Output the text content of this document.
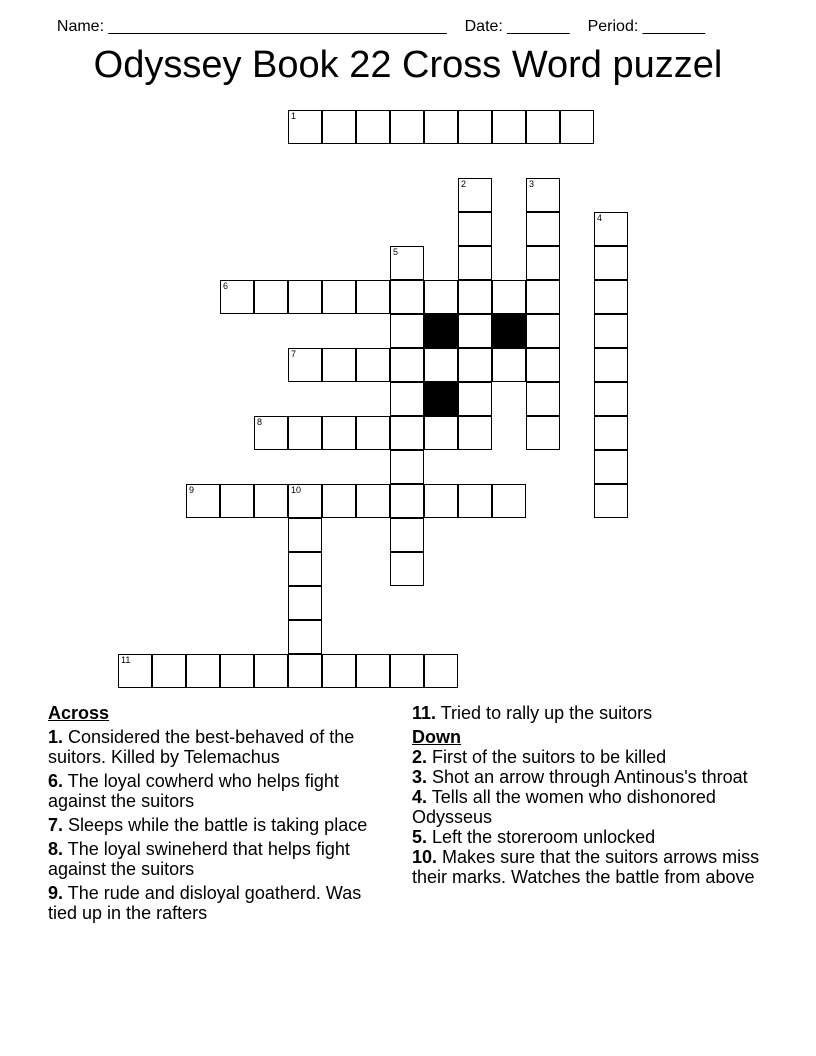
Name: ______________________________________ Date: _______ Period: _______

Odyssey Book 22 Cross Word puzzel
1
2	3
4
5
6
7
8
9	10
11
Across
1. Considered the best-behaved of the suitors. Killed by Telemachus
6. The loyal cowherd who helps fight against the suitors
7. Sleeps while the battle is taking place
8. The loyal swineherd that helps fight against the suitors
9. The rude and disloyal goatherd. Was tied up in the rafters
11. Tried to rally up the suitors
Down
2. First of the suitors to be killed
3. Shot an arrow through Antinous's throat
4. Tells all the women who dishonored Odysseus
5. Left the storeroom unlocked
10. Makes sure that the suitors arrows miss their marks. Watches the battle from above
